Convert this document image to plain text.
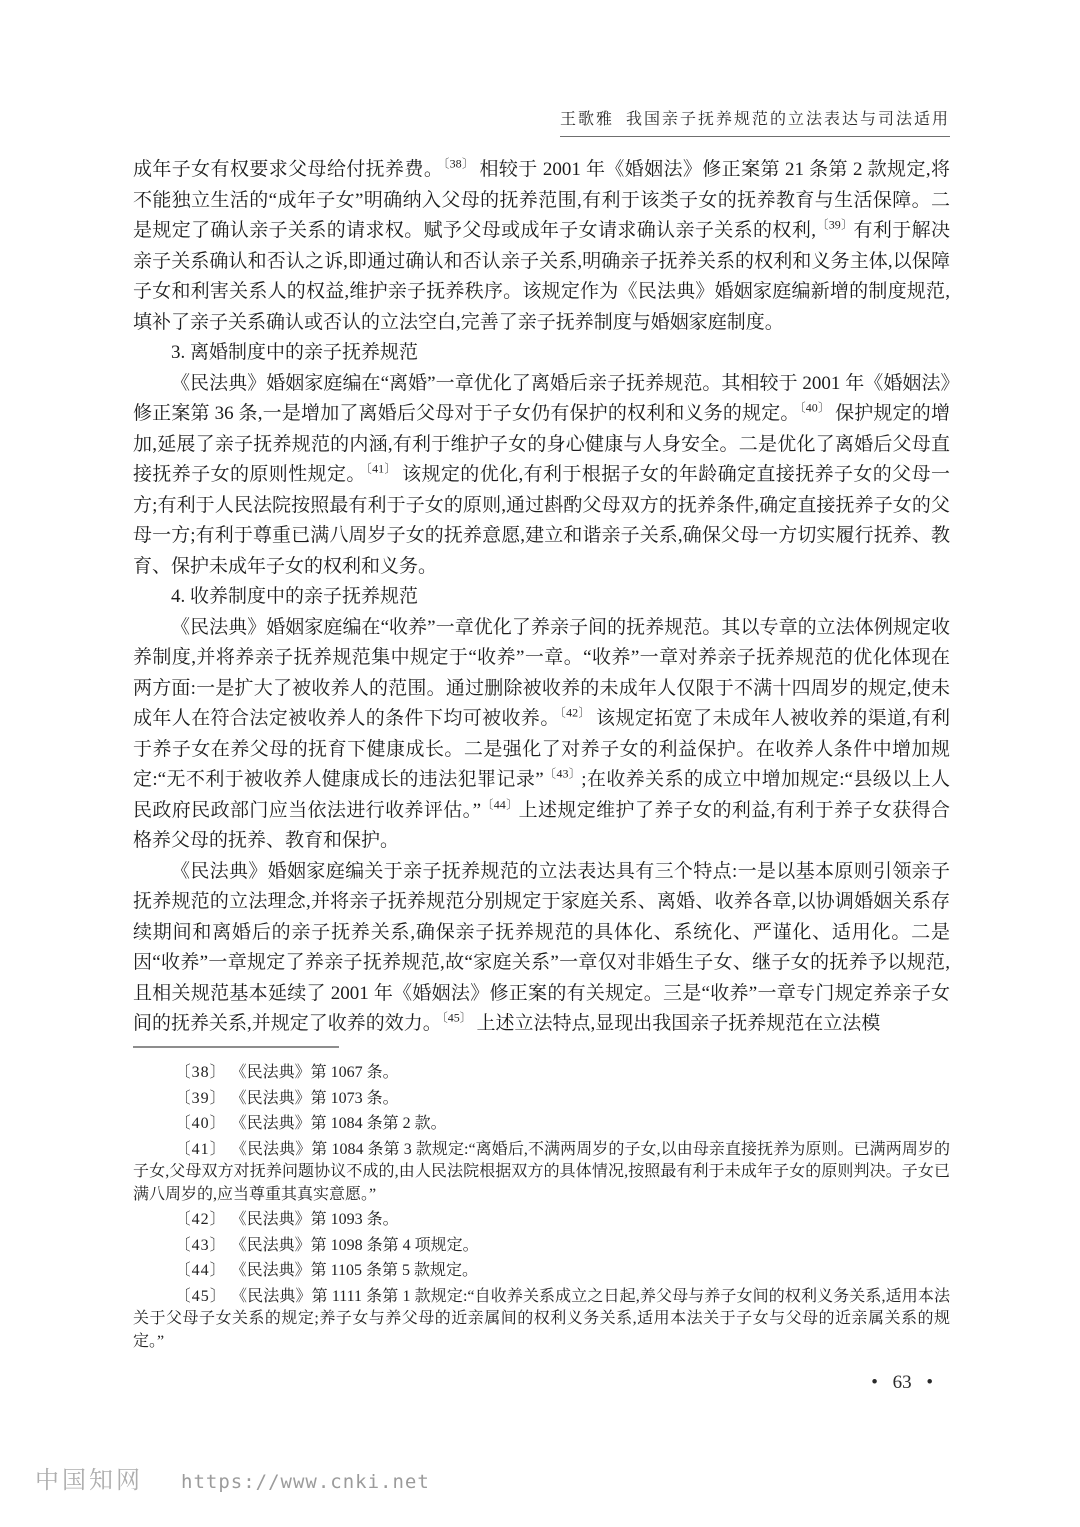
王歌雅 我国亲子抚养规范的立法表达与司法适用

成年子女有权要求父母给付抚养费。$^{〔38〕}$ 相较于 2001 年《婚姻法》修正案第 21 条第 2 款规定,将不能独立生活的“成年子女”明确纳入父母的抚养范围,有利于该类子女的抚养教育与生活保障。二是规定了确认亲子关系的请求权。赋予父母或成年子女请求确认亲子关系的权利,$^{〔39〕}$有利于解决亲子关系确认和否认之诉,即通过确认和否认亲子关系,明确亲子抚养关系的权利和义务主体,以保障子女和利害关系人的权益,维护亲子抚养秩序。该规定作为《民法典》婚姻家庭编新增的制度规范,填补了亲子关系确认或否认的立法空白,完善了亲子抚养制度与婚姻家庭制度。

3. 离婚制度中的亲子抚养规范

《民法典》婚姻家庭编在“离婚”一章优化了离婚后亲子抚养规范。其相较于 2001 年《婚姻法》修正案第 36 条,一是增加了离婚后父母对于子女仍有保护的权利和义务的规定。$^{〔40〕}$ 保护规定的增加,延展了亲子抚养规范的内涵,有利于维护子女的身心健康与人身安全。二是优化了离婚后父母直接抚养子女的原则性规定。$^{〔41〕}$ 该规定的优化,有利于根据子女的年龄确定直接抚养子女的父母一方;有利于人民法院按照最有利于子女的原则,通过斟酌父母双方的抚养条件,确定直接抚养子女的父母一方;有利于尊重已满八周岁子女的抚养意愿,建立和谐亲子关系,确保父母一方切实履行抚养、教育、保护未成年子女的权利和义务。

4. 收养制度中的亲子抚养规范

《民法典》婚姻家庭编在“收养”一章优化了养亲子间的抚养规范。其以专章的立法体例规定收养制度,并将养亲子抚养规范集中规定于“收养”一章。“收养”一章对养亲子抚养规范的优化体现在两方面:一是扩大了被收养人的范围。通过删除被收养的未成年人仅限于不满十四周岁的规定,使未成年人在符合法定被收养人的条件下均可被收养。$^{〔42〕}$ 该规定拓宽了未成年人被收养的渠道,有利于养子女在养父母的抚育下健康成长。二是强化了对养子女的利益保护。在收养人条件中增加规定:“无不利于被收养人健康成长的违法犯罪记录”$^{〔43〕}$;在收养关系的成立中增加规定:“县级以上人民政府民政部门应当依法进行收养评估。”$^{〔44〕}$上述规定维护了养子女的利益,有利于养子女获得合格养父母的抚养、教育和保护。

《民法典》婚姻家庭编关于亲子抚养规范的立法表达具有三个特点:一是以基本原则引领亲子抚养规范的立法理念,并将亲子抚养规范分别规定于家庭关系、离婚、收养各章,以协调婚姻关系存续期间和离婚后的亲子抚养关系,确保亲子抚养规范的具体化、系统化、严谨化、适用化。二是因“收养”一章规定了养亲子抚养规范,故“家庭关系”一章仅对非婚生子女、继子女的抚养予以规范,且相关规范基本延续了 2001 年《婚姻法》修正案的有关规定。三是“收养”一章专门规定养亲子女间的抚养关系,并规定了收养的效力。$^{〔45〕}$ 上述立法特点,显现出我国亲子抚养规范在立法模

〔38〕 《民法典》第 1067 条。

〔39〕 《民法典》第 1073 条。

〔40〕 《民法典》第 1084 条第 2 款。

〔41〕 《民法典》第 1084 条第 3 款规定:“离婚后,不满两周岁的子女,以由母亲直接抚养为原则。已满两周岁的子女,父母双方对抚养问题协议不成的,由人民法院根据双方的具体情况,按照最有利于未成年子女的原则判决。子女已满八周岁的,应当尊重其真实意愿。”

〔42〕 《民法典》第 1093 条。

〔43〕 《民法典》第 1098 条第 4 项规定。

〔44〕 《民法典》第 1105 条第 5 款规定。

〔45〕 《民法典》第 1111 条第 1 款规定:“自收养关系成立之日起,养父母与养子女间的权利义务关系,适用本法关于父母子女关系的规定;养子女与养父母的近亲属间的权利义务关系,适用本法关于子女与父母的近亲属关系的规定。”

• 63 •
中国知网 https://www.cnki.net
